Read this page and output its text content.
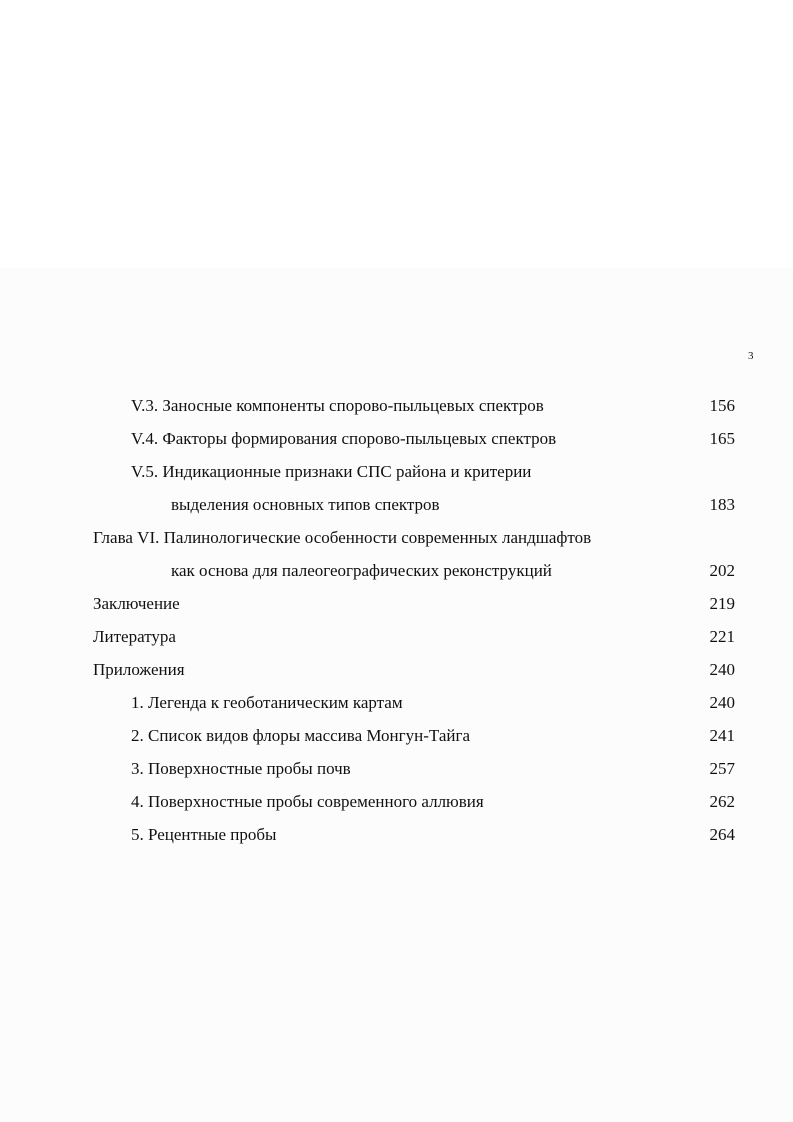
3
V.3. Заносные компоненты спорово-пыльцевых спектров	156
V.4. Факторы формирования спорово-пыльцевых спектров	165
V.5. Индикационные признаки СПС района и критерии
выделения основных типов спектров	183
Глава VI. Палинологические особенности современных ландшафтов
как основа для палеогеографических реконструкций	202
Заключение	219
Литература	221
Приложения	240
1. Легенда к геоботаническим картам	240
2. Список видов флоры массива Монгун-Тайга	241
3. Поверхностные пробы почв	257
4. Поверхностные пробы современного аллювия	262
5. Рецентные пробы	264
